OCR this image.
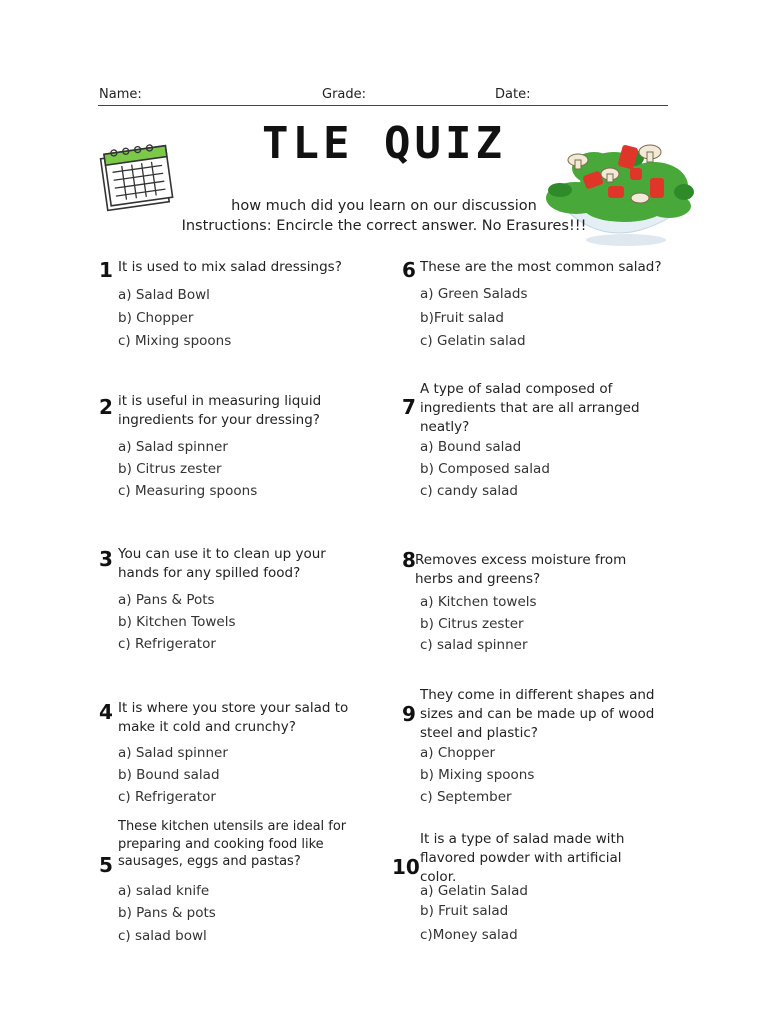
Name:	Grade:	Date:
TLE QUIZ
how much did you learn on our discussion
Instructions: Encircle the correct answer. No Erasures!!!
1 It is used to mix salad dressings?
a) Salad Bowl
b) Chopper
c) Mixing spoons
2 it is useful in measuring liquid ingredients for your dressing?
a) Salad spinner
b) Citrus zester
c) Measuring spoons
3 You can use it to clean up your hands for any spilled food?
a) Pans & Pots
b) Kitchen Towels
c) Refrigerator
4 It is where you store your salad to make it cold and crunchy?
a) Salad spinner
b) Bound salad
c) Refrigerator
5
These kitchen utensils are ideal for preparing and cooking food like sausages, eggs and pastas?
a) salad knife
b) Pans & pots
c) salad bowl
6 These are the most common salad?
a) Green Salads
b)Fruit salad
c) Gelatin salad
7
A type of salad composed of ingredients that are all arranged neatly?
a) Bound salad
b) Composed salad
c) candy salad
8 Removes excess moisture from herbs and greens?
a) Kitchen towels
b) Citrus zester
c) salad spinner
9
They come in different shapes and sizes and can be made up of wood steel and plastic?
a) Chopper
b) Mixing spoons
c) September
10
It is a type of salad made with flavored powder with artificial color.
a) Gelatin Salad
b) Fruit salad
c)Money salad
